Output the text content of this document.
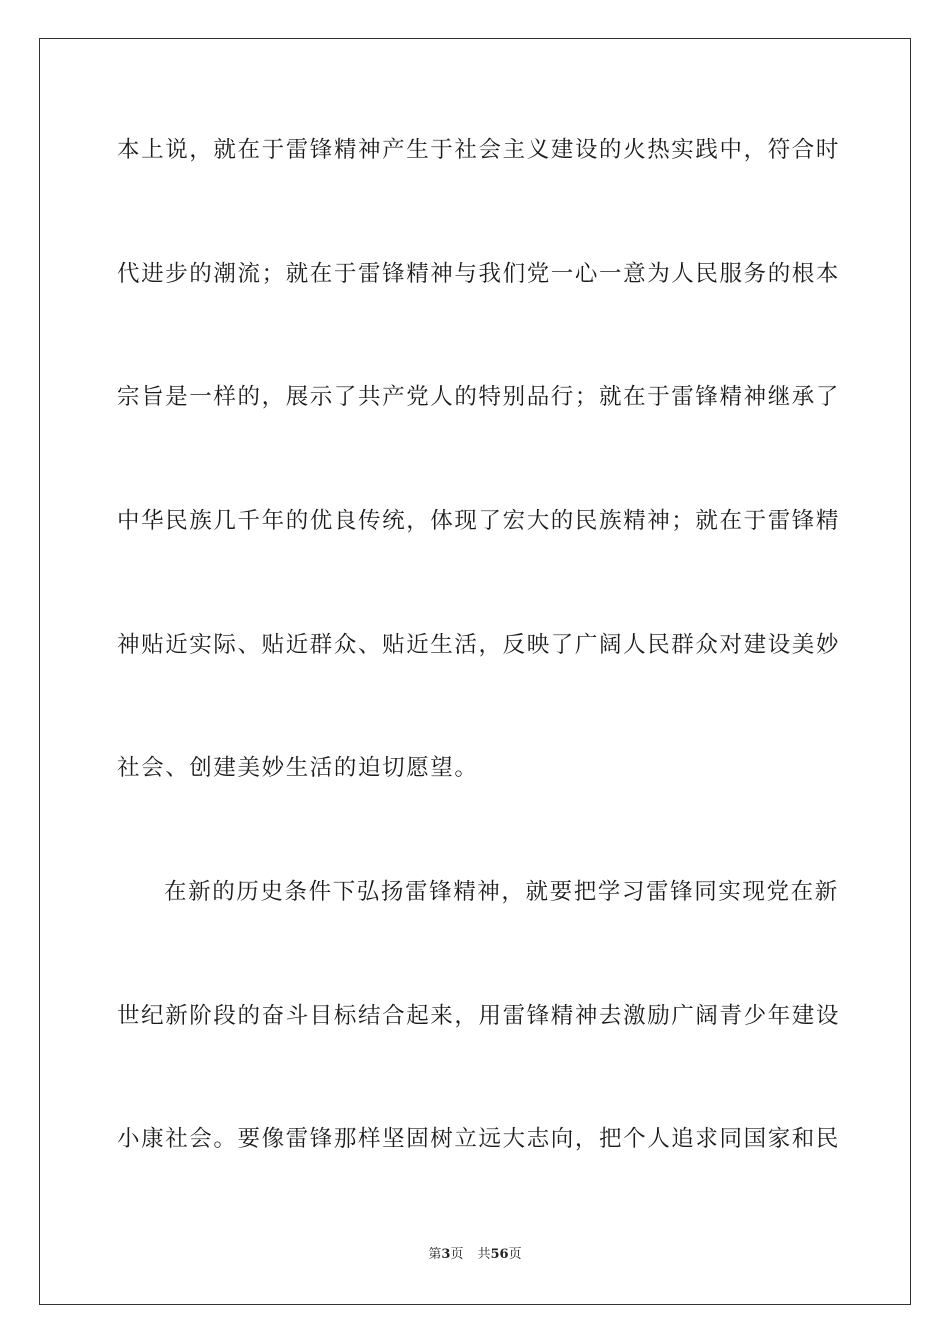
本上说，就在于雷锋精神产生于社会主义建设的火热实践中，符合时
代进步的潮流；就在于雷锋精神与我们党一心一意为人民服务的根本
宗旨是一样的，展示了共产党人的特别品行；就在于雷锋精神继承了
中华民族几千年的优良传统，体现了宏大的民族精神；就在于雷锋精
神贴近实际、贴近群众、贴近生活，反映了广阔人民群众对建设美妙
社会、创建美妙生活的迫切愿望。
在新的历史条件下弘扬雷锋精神，就要把学习雷锋同实现党在新
世纪新阶段的奋斗目标结合起来，用雷锋精神去激励广阔青少年建设
小康社会。要像雷锋那样坚固树立远大志向，把个人追求同国家和民
第3页 共56页
